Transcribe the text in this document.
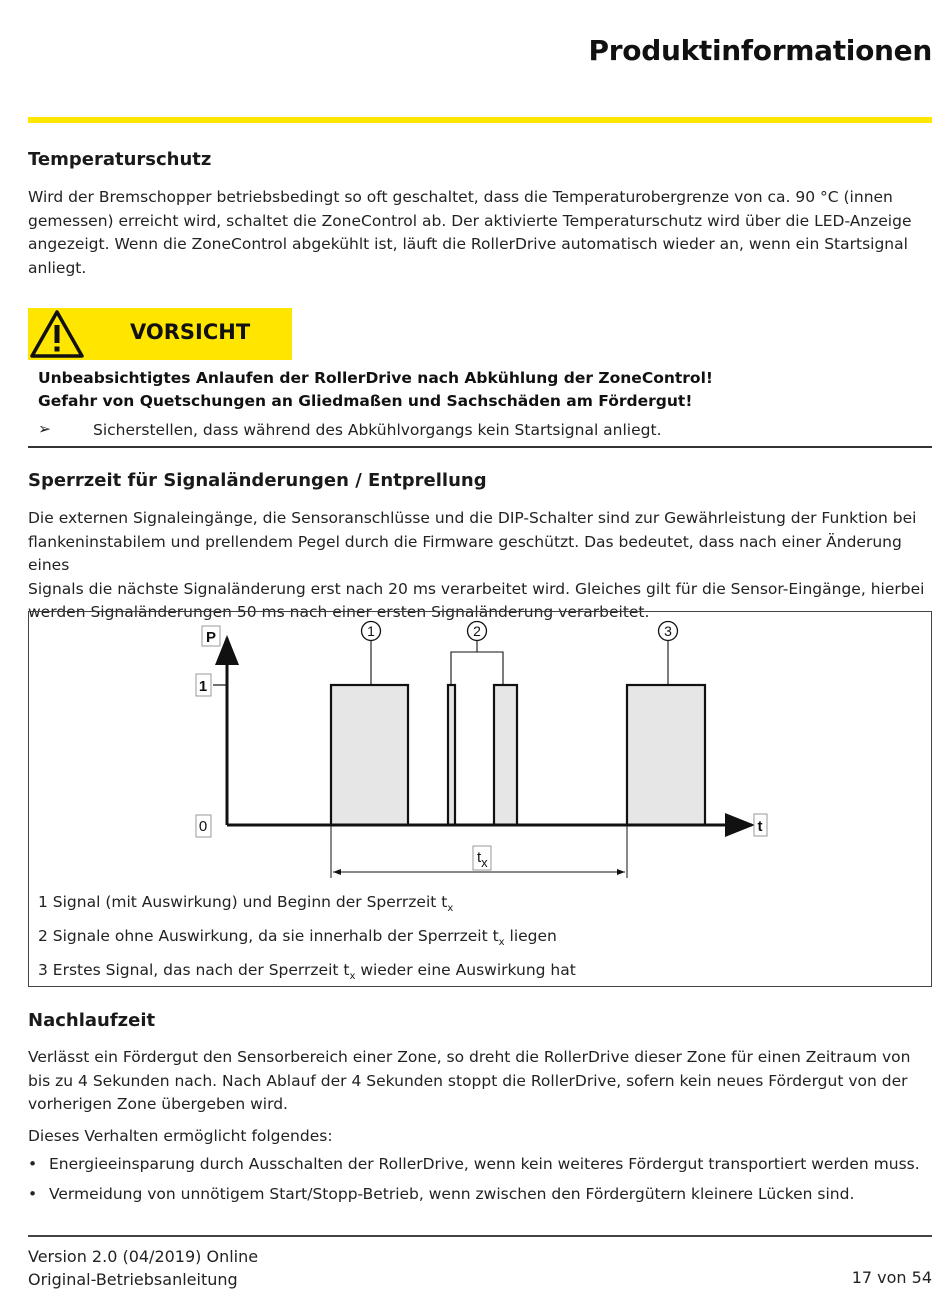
Produktinformationen
Temperaturschutz
Wird der Bremschopper betriebsbedingt so oft geschaltet, dass die Temperaturobergrenze von ca. 90 °C (innen
gemessen) erreicht wird, schaltet die ZoneControl ab. Der aktivierte Temperaturschutz wird über die LED-Anzeige
angezeigt. Wenn die ZoneControl abgekühlt ist, läuft die RollerDrive automatisch wieder an, wenn ein Startsignal
anliegt.
VORSICHT
Unbeabsichtigtes Anlaufen der RollerDrive nach Abkühlung der ZoneControl!
Gefahr von Quetschungen an Gliedmaßen und Sachschäden am Fördergut!
➢	Sicherstellen, dass während des Abkühlvorgangs kein Startsignal anliegt.
Sperrzeit für Signaländerungen / Entprellung
Die externen Signaleingänge, die Sensoranschlüsse und die DIP-Schalter sind zur Gewährleistung der Funktion bei
flankeninstabilem und prellendem Pegel durch die Firmware geschützt. Das bedeutet, dass nach einer Änderung eines
Signals die nächste Signaländerung erst nach 20 ms verarbeitet wird. Gleiches gilt für die Sensor-Eingänge, hierbei
werden Signaländerungen 50 ms nach einer ersten Signaländerung verarbeitet.
P
1
0	t
1	2	3
tx
1 Signal (mit Auswirkung) und Beginn der Sperrzeit $t_x$
2 Signale ohne Auswirkung, da sie innerhalb der Sperrzeit $t_x$ liegen
3 Erstes Signal, das nach der Sperrzeit $t_x$ wieder eine Auswirkung hat
Nachlaufzeit
Verlässt ein Fördergut den Sensorbereich einer Zone, so dreht die RollerDrive dieser Zone für einen Zeitraum von
bis zu 4 Sekunden nach. Nach Ablauf der 4 Sekunden stoppt die RollerDrive, sofern kein neues Fördergut von der
vorherigen Zone übergeben wird.
Dieses Verhalten ermöglicht folgendes:
• Energieeinsparung durch Ausschalten der RollerDrive, wenn kein weiteres Fördergut transportiert werden muss.
• Vermeidung von unnötigem Start/Stopp-Betrieb, wenn zwischen den Fördergütern kleinere Lücken sind.
Version 2.0 (04/2019) Online
Original-Betriebsanleitung	17 von 54
